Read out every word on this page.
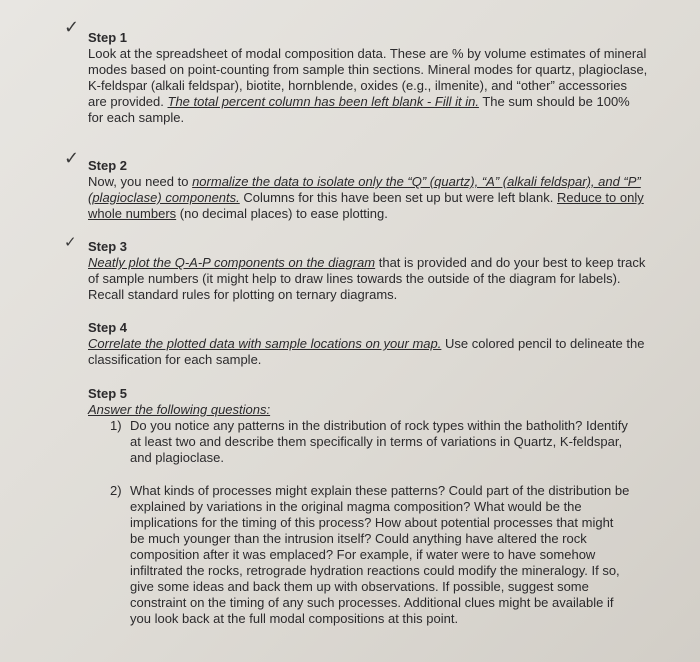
✓
✓
✓
Step 1
Look at the spreadsheet of modal composition data. These are % by volume estimates of mineral modes based on point-counting from sample thin sections. Mineral modes for quartz, plagioclase, K-feldspar (alkali feldspar), biotite, hornblende, oxides (e.g., ilmenite), and “other” accessories are provided. The total percent column has been left blank - Fill it in. The sum should be 100% for each sample.
Step 2
Now, you need to normalize the data to isolate only the “Q” (quartz), “A” (alkali feldspar), and “P” (plagioclase) components. Columns for this have been set up but were left blank. Reduce to only whole numbers (no decimal places) to ease plotting.
Step 3
Neatly plot the Q-A-P components on the diagram that is provided and do your best to keep track of sample numbers (it might help to draw lines towards the outside of the diagram for labels). Recall standard rules for plotting on ternary diagrams.
Step 4
Correlate the plotted data with sample locations on your map. Use colored pencil to delineate the classification for each sample.
Step 5
Answer the following questions:
1) Do you notice any patterns in the distribution of rock types within the batholith? Identify at least two and describe them specifically in terms of variations in Quartz, K-feldspar, and plagioclase.
2) What kinds of processes might explain these patterns? Could part of the distribution be explained by variations in the original magma composition? What would be the implications for the timing of this process? How about potential processes that might be much younger than the intrusion itself? Could anything have altered the rock composition after it was emplaced? For example, if water were to have somehow infiltrated the rocks, retrograde hydration reactions could modify the mineralogy. If so, give some ideas and back them up with observations. If possible, suggest some constraint on the timing of any such processes. Additional clues might be available if you look back at the full modal compositions at this point.
